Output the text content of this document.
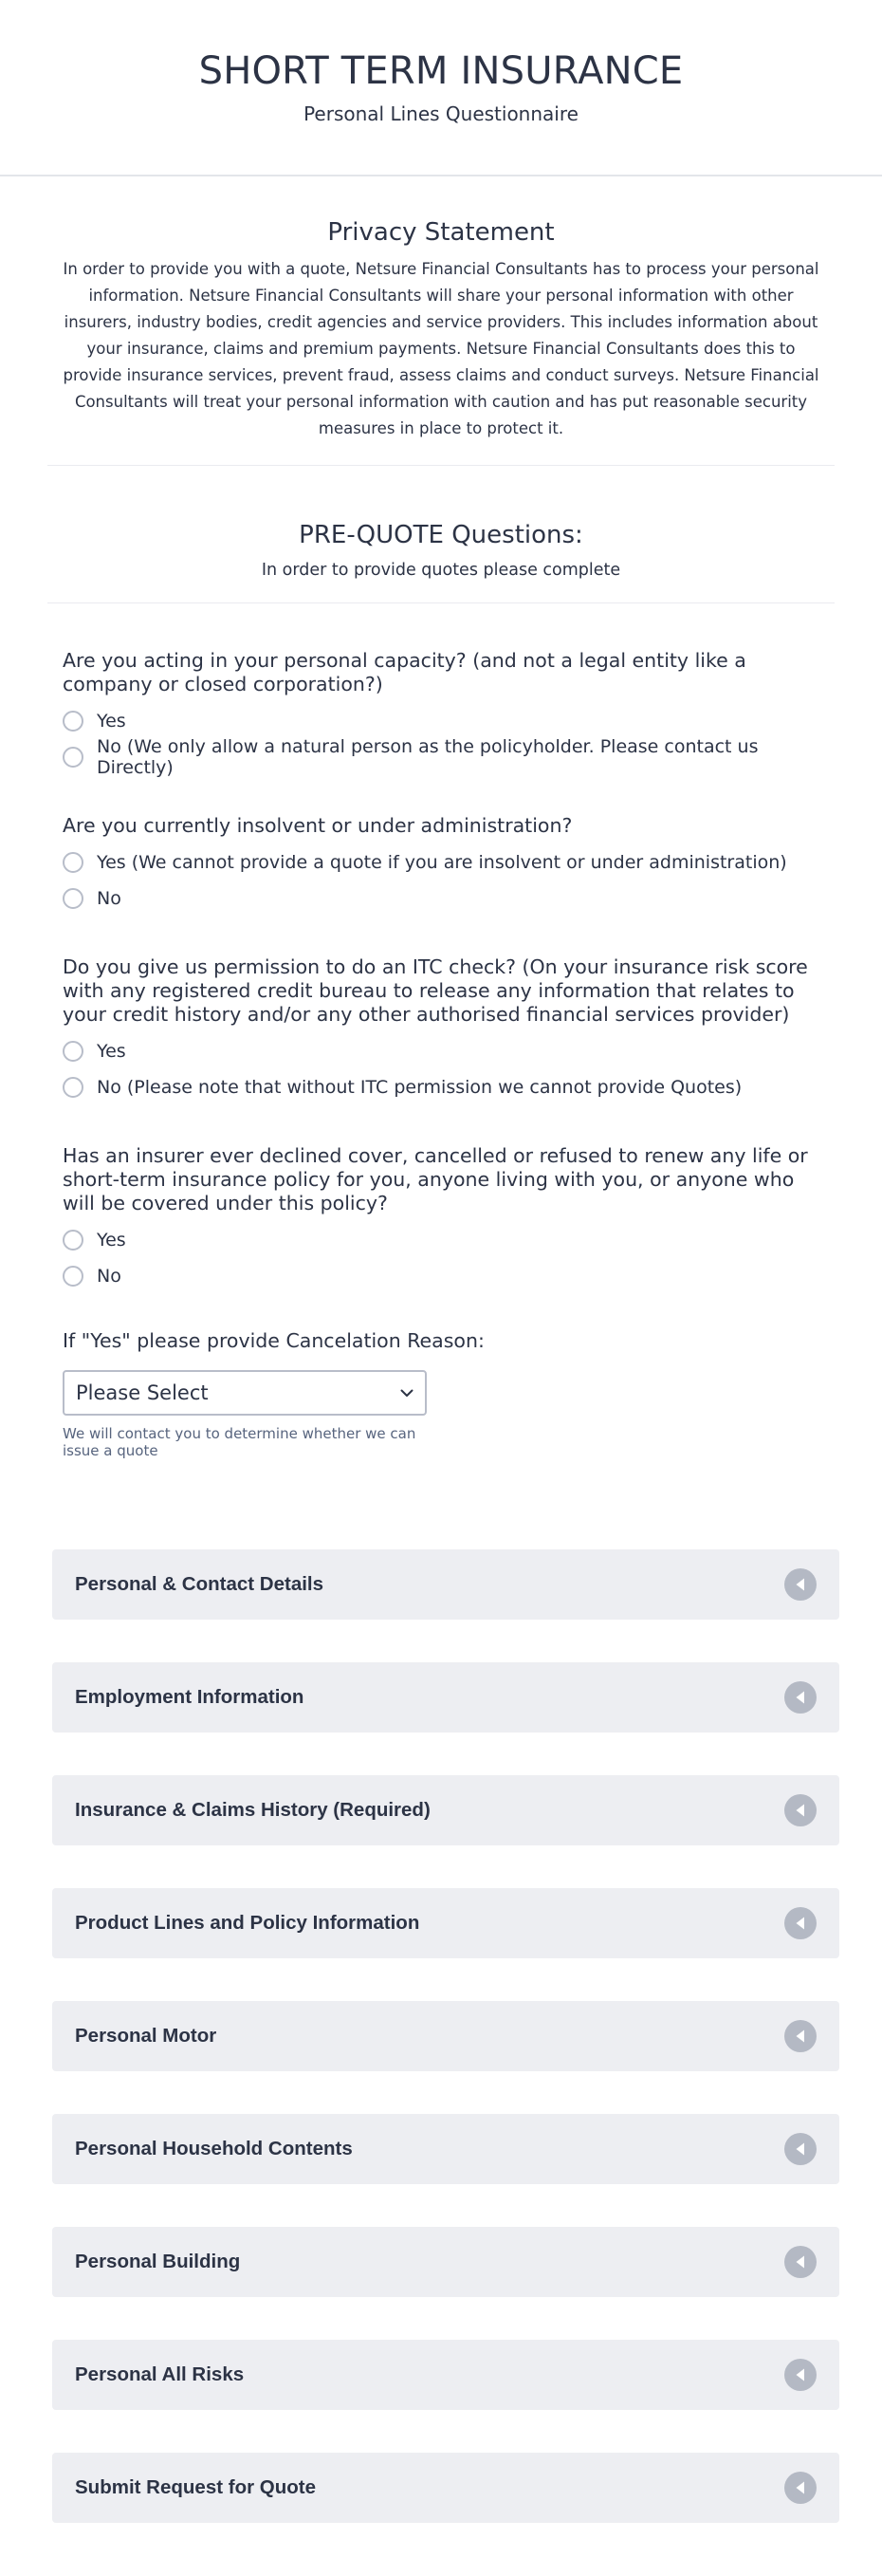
SHORT TERM INSURANCE
Personal Lines Questionnaire
Privacy Statement

In order to provide you with a quote, Netsure Financial Consultants has to process your personal information. Netsure Financial Consultants will share your personal information with other insurers, industry bodies, credit agencies and service providers. This includes information about your insurance, claims and premium payments. Netsure Financial Consultants does this to provide insurance services, prevent fraud, assess claims and conduct surveys. Netsure Financial Consultants will treat your personal information with caution and has put reasonable security measures in place to protect it.

PRE-QUOTE Questions:
In order to provide quotes please complete
Are you acting in your personal capacity? (and not a legal entity like a company or closed corporation?)
Yes
No (We only allow a natural person as the policyholder. Please contact us Directly)
Are you currently insolvent or under administration?
Yes (We cannot provide a quote if you are insolvent or under administration)
No
Do you give us permission to do an ITC check? (On your insurance risk score with any registered credit bureau to release any information that relates to your credit history and/or any other authorised financial services provider)
Yes
No (Please note that without ITC permission we cannot provide Quotes)
Has an insurer ever declined cover, cancelled or refused to renew any life or short-term insurance policy for you, anyone living with you, or anyone who will be covered under this policy?
Yes
No
If "Yes" please provide Cancelation Reason:
Please Select
We will contact you to determine whether we can issue a quote
Personal & Contact Details
Employment Information
Insurance & Claims History (Required)
Product Lines and Policy Information
Personal Motor
Personal Household Contents
Personal Building
Personal All Risks
Submit Request for Quote
